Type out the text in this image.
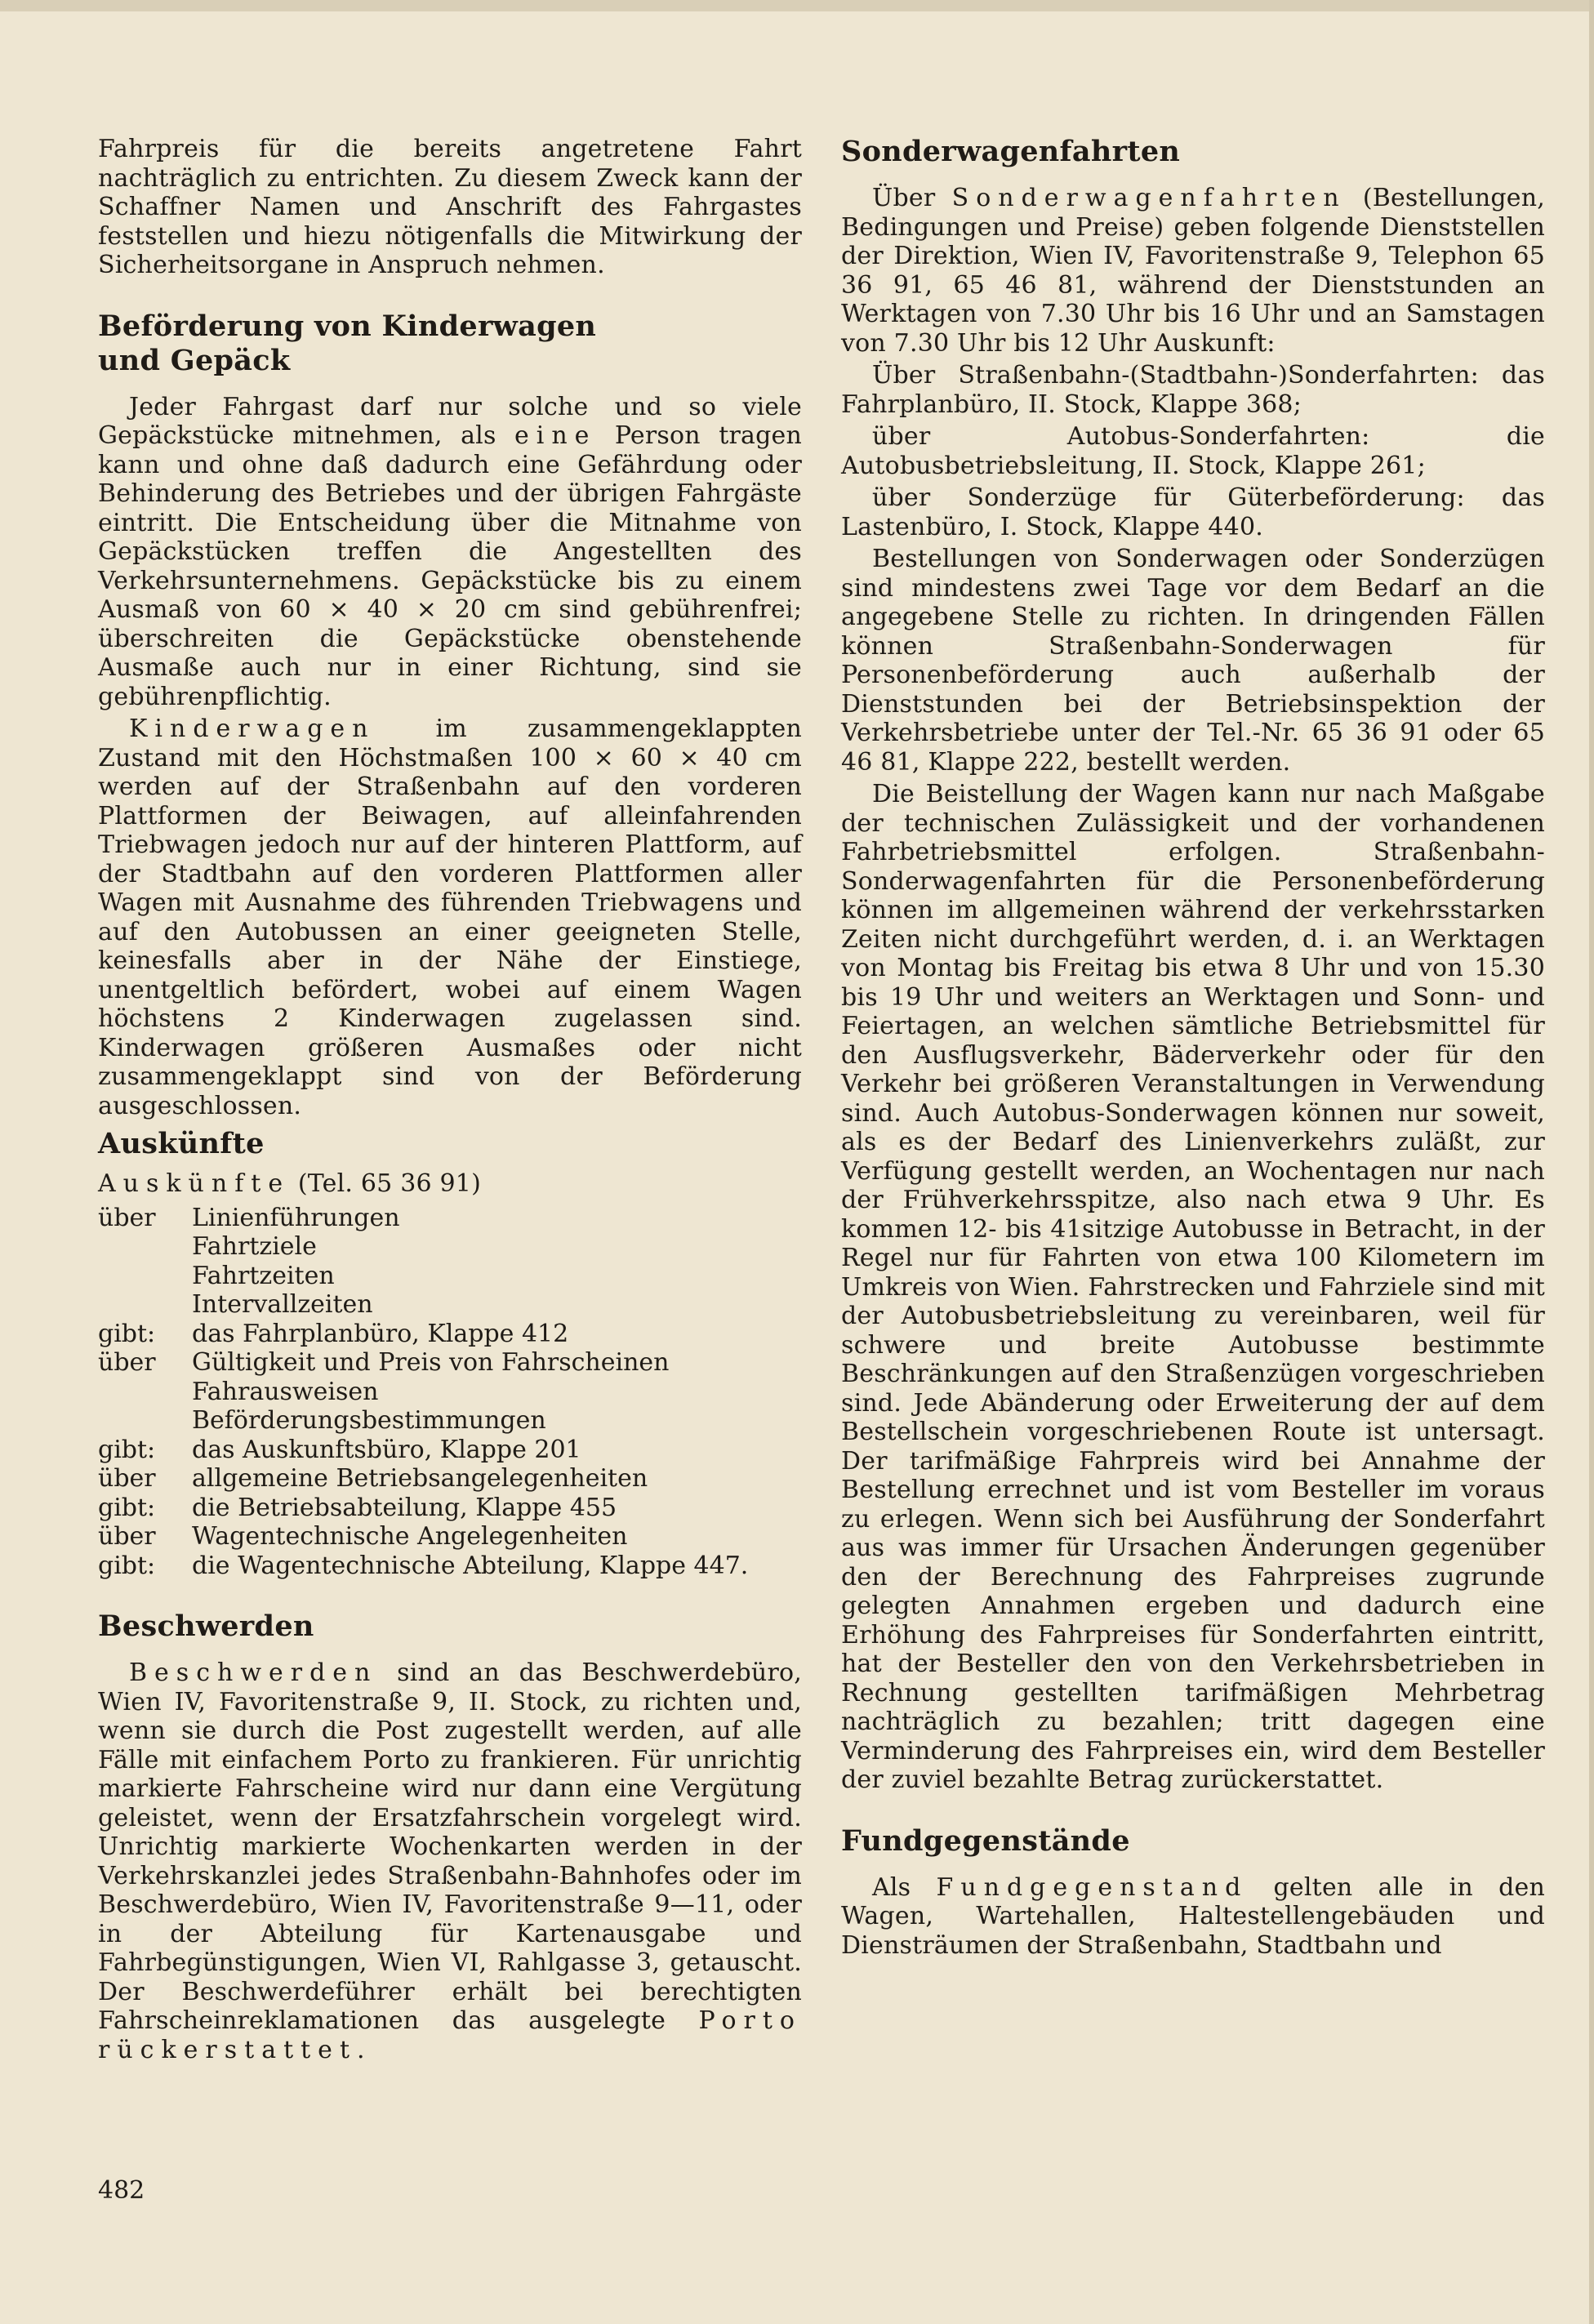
Fahrpreis für die bereits angetretene Fahrt nachträglich zu entrichten. Zu diesem Zweck kann der Schaffner Namen und Anschrift des Fahrgastes feststellen und hiezu nötigenfalls die Mitwirkung der Sicherheitsorgane in Anspruch nehmen.

Beförderung von Kinderwagen
und Gepäck

Jeder Fahrgast darf nur solche und so viele Gepäckstücke mitnehmen, als eine Person tragen kann und ohne daß dadurch eine Gefährdung oder Behinderung des Betriebes und der übrigen Fahrgäste eintritt. Die Entscheidung über die Mitnahme von Gepäckstücken treffen die Angestellten des Verkehrsunternehmens. Gepäckstücke bis zu einem Ausmaß von 60 × 40 × 20 cm sind gebührenfrei; überschreiten die Gepäckstücke obenstehende Ausmaße auch nur in einer Richtung, sind sie gebührenpflichtig.

Kinderwagen im zusammengeklappten Zustand mit den Höchstmaßen 100 × 60 × 40 cm werden auf der Straßenbahn auf den vorderen Plattformen der Beiwagen, auf alleinfahrenden Triebwagen jedoch nur auf der hinteren Plattform, auf der Stadtbahn auf den vorderen Plattformen aller Wagen mit Ausnahme des führenden Triebwagens und auf den Autobussen an einer geeigneten Stelle, keinesfalls aber in der Nähe der Einstiege, unentgeltlich befördert, wobei auf einem Wagen höchstens 2 Kinderwagen zugelassen sind. Kinderwagen größeren Ausmaßes oder nicht zusammengeklappt sind von der Beförderung ausgeschlossen.

Auskünfte

Auskünfte (Tel. 65 36 91)

über	Linienführungen
	Fahrtziele
	Fahrtzeiten
	Intervallzeiten
gibt:	das Fahrplanbüro, Klappe 412
über	Gültigkeit und Preis von Fahrscheinen
	Fahrausweisen
	Beförderungsbestimmungen
gibt:	das Auskunftsbüro, Klappe 201
über	allgemeine Betriebsangelegenheiten
gibt:	die Betriebsabteilung, Klappe 455
über	Wagentechnische Angelegenheiten
gibt:	die Wagentechnische Abteilung, Klappe 447.
Beschwerden

Beschwerden sind an das Beschwerdebüro, Wien IV, Favoritenstraße 9, II. Stock, zu richten und, wenn sie durch die Post zugestellt werden, auf alle Fälle mit einfachem Porto zu frankieren. Für unrichtig markierte Fahrscheine wird nur dann eine Vergütung geleistet, wenn der Ersatzfahrschein vorgelegt wird. Unrichtig markierte Wochenkarten werden in der Verkehrskanzlei jedes Straßenbahn-Bahnhofes oder im Beschwerdebüro, Wien IV, Favoritenstraße 9—11, oder in der Abteilung für Kartenausgabe und Fahrbegünstigungen, Wien VI, Rahlgasse 3, getauscht. Der Beschwerdeführer erhält bei berechtigten Fahrscheinreklamationen das ausgelegte Porto rückerstattet.

Sonderwagenfahrten

Über Sonderwagenfahrten (Bestellungen, Bedingungen und Preise) geben folgende Dienststellen der Direktion, Wien IV, Favoritenstraße 9, Telephon 65 36 91, 65 46 81, während der Dienststunden an Werktagen von 7.30 Uhr bis 16 Uhr und an Samstagen von 7.30 Uhr bis 12 Uhr Auskunft:

Über Straßenbahn-(Stadtbahn-)Sonderfahrten: das Fahrplanbüro, II. Stock, Klappe 368;

über Autobus-Sonderfahrten: die Autobusbetriebsleitung, II. Stock, Klappe 261;

über Sonderzüge für Güterbeförderung: das Lastenbüro, I. Stock, Klappe 440.

Bestellungen von Sonderwagen oder Sonderzügen sind mindestens zwei Tage vor dem Bedarf an die angegebene Stelle zu richten. In dringenden Fällen können Straßenbahn-Sonderwagen für Personenbeförderung auch außerhalb der Dienststunden bei der Betriebsinspektion der Verkehrsbetriebe unter der Tel.-Nr. 65 36 91 oder 65 46 81, Klappe 222, bestellt werden.

Die Beistellung der Wagen kann nur nach Maßgabe der technischen Zulässigkeit und der vorhandenen Fahrbetriebsmittel erfolgen. Straßenbahn-Sonderwagenfahrten für die Personenbeförderung können im allgemeinen während der verkehrsstarken Zeiten nicht durchgeführt werden, d. i. an Werktagen von Montag bis Freitag bis etwa 8 Uhr und von 15.30 bis 19 Uhr und weiters an Werktagen und Sonn- und Feiertagen, an welchen sämtliche Betriebsmittel für den Ausflugsverkehr, Bäderverkehr oder für den Verkehr bei größeren Veranstaltungen in Verwendung sind. Auch Autobus-Sonderwagen können nur soweit, als es der Bedarf des Linienverkehrs zuläßt, zur Verfügung gestellt werden, an Wochentagen nur nach der Frühverkehrsspitze, also nach etwa 9 Uhr. Es kommen 12- bis 41sitzige Autobusse in Betracht, in der Regel nur für Fahrten von etwa 100 Kilometern im Umkreis von Wien. Fahrstrecken und Fahrziele sind mit der Autobusbetriebsleitung zu vereinbaren, weil für schwere und breite Autobusse bestimmte Beschränkungen auf den Straßenzügen vorgeschrieben sind. Jede Abänderung oder Erweiterung der auf dem Bestellschein vorgeschriebenen Route ist untersagt. Der tarifmäßige Fahrpreis wird bei Annahme der Bestellung errechnet und ist vom Besteller im voraus zu erlegen. Wenn sich bei Ausführung der Sonderfahrt aus was immer für Ursachen Änderungen gegenüber den der Berechnung des Fahrpreises zugrunde gelegten Annahmen ergeben und dadurch eine Erhöhung des Fahrpreises für Sonderfahrten eintritt, hat der Besteller den von den Verkehrsbetrieben in Rechnung gestellten tarifmäßigen Mehrbetrag nachträglich zu bezahlen; tritt dagegen eine Verminderung des Fahrpreises ein, wird dem Besteller der zuviel bezahlte Betrag zurückerstattet.

Fundgegenstände

Als Fundgegenstand gelten alle in den Wagen, Wartehallen, Haltestellengebäuden und Diensträumen der Straßenbahn, Stadtbahn und

482
